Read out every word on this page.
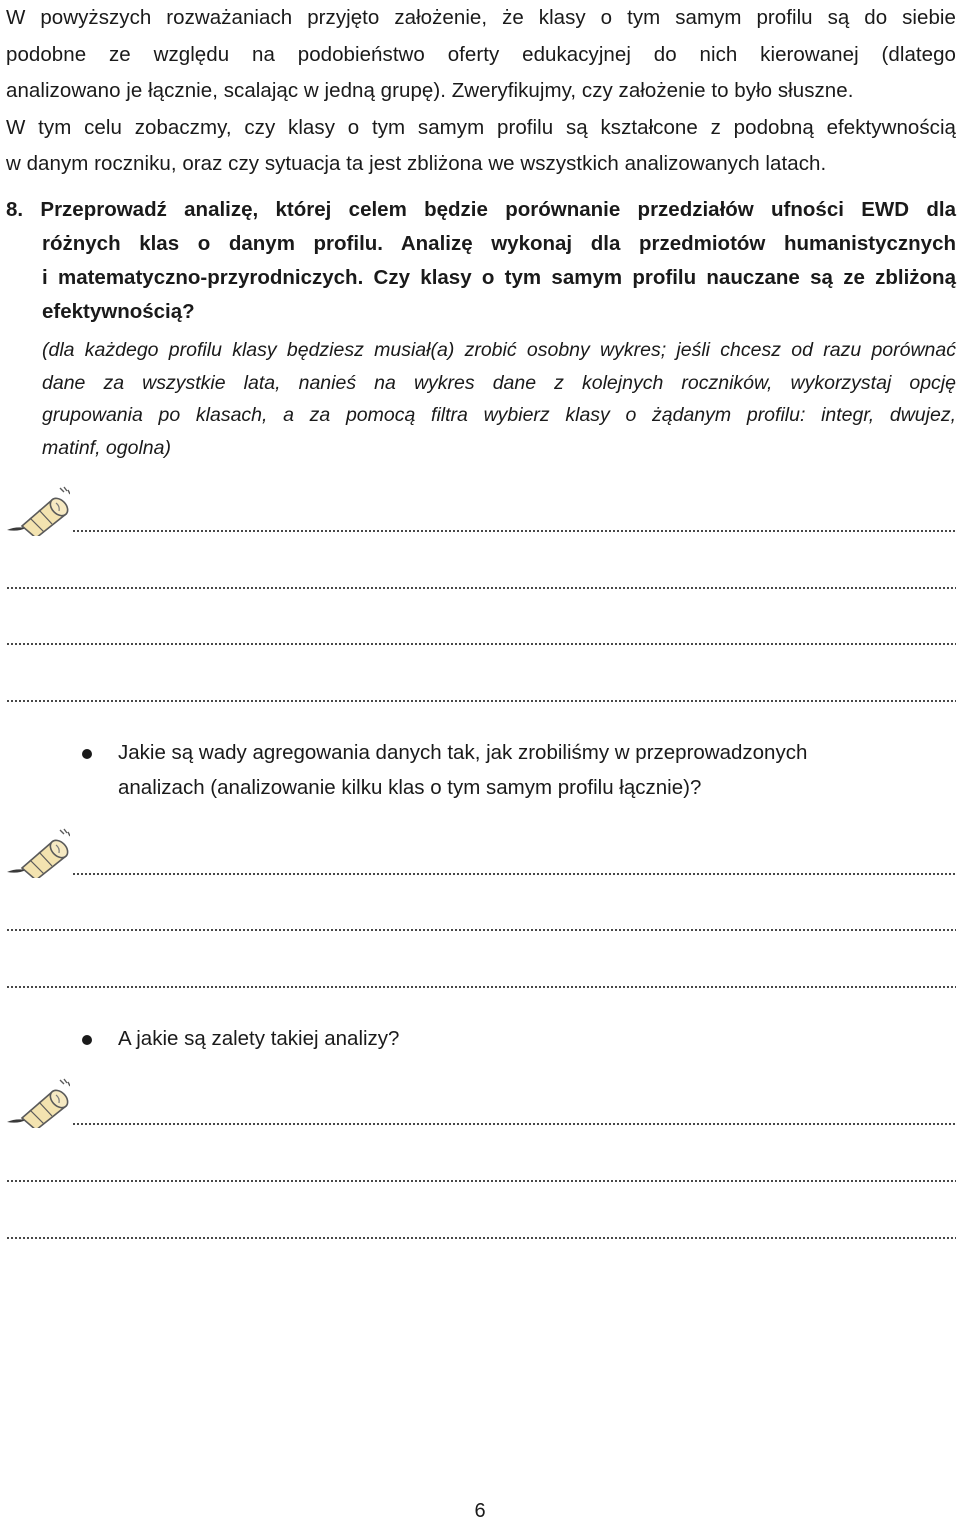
W powyższych rozważaniach przyjęto założenie, że klasy o tym samym profilu są do siebie
podobne ze względu na podobieństwo oferty edukacyjnej do nich kierowanej (dlatego
analizowano je łącznie, scalając w jedną grupę). Zweryfikujmy, czy założenie to było słuszne.
W tym celu zobaczmy, czy klasy o tym samym profilu są kształcone z podobną efektywnością
w danym roczniku, oraz czy sytuacja ta jest zbliżona we wszystkich analizowanych latach.
8. Przeprowadź analizę, której celem będzie porównanie przedziałów ufności EWD dla
różnych klas o danym profilu. Analizę wykonaj dla przedmiotów humanistycznych
i matematyczno-przyrodniczych. Czy klasy o tym samym profilu nauczane są ze zbliżoną
efektywnością?
(dla każdego profilu klasy będziesz musiał(a) zrobić osobny wykres; jeśli chcesz od razu porównać
dane za wszystkie lata, nanieś na wykres dane z kolejnych roczników, wykorzystaj opcję
grupowania po klasach, a za pomocą filtra wybierz klasy o żądanym profilu: integr, dwujez,
matinf, ogolna)
Jakie są wady agregowania danych tak, jak zrobiliśmy w przeprowadzonych
analizach (analizowanie kilku klas o tym samym profilu łącznie)?
A jakie są zalety takiej analizy?
6
